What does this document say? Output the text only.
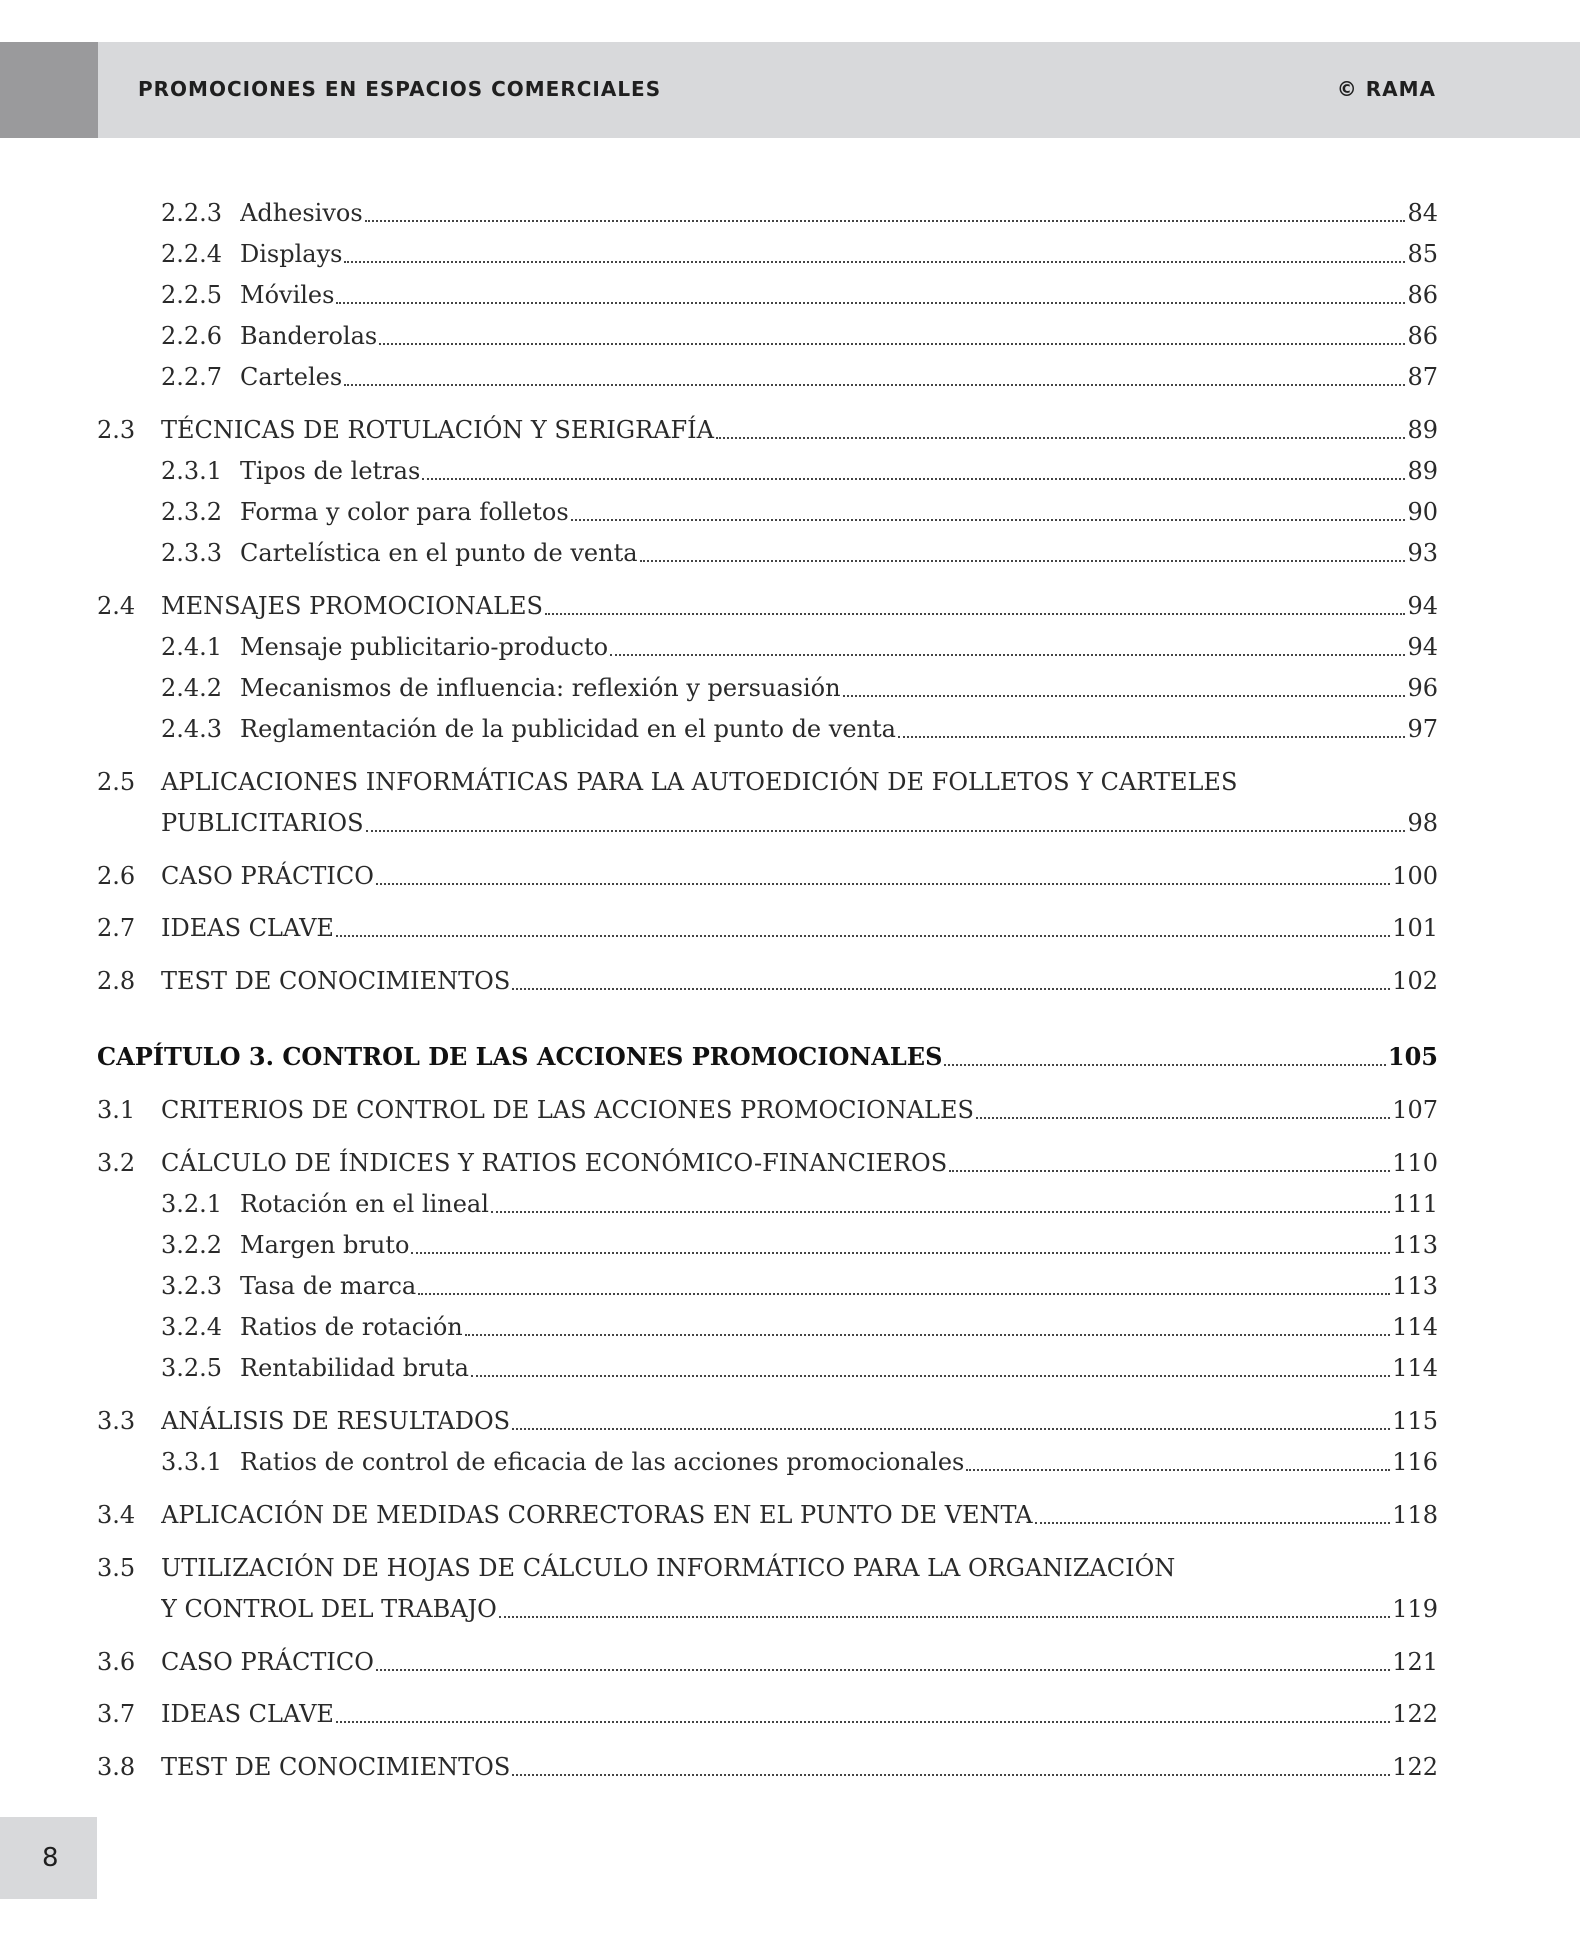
PROMOCIONES EN ESPACIOS COMERCIALES	© RAMA
2.2.3 Adhesivos	84
2.2.4 Displays	85
2.2.5 Móviles	86
2.2.6 Banderolas	86
2.2.7 Carteles	87
2.3	TÉCNICAS DE ROTULACIÓN Y SERIGRAFÍA	89
2.3.1 Tipos de letras	89
2.3.2 Forma y color para folletos	90
2.3.3 Cartelística en el punto de venta	93
2.4	MENSAJES PROMOCIONALES	94
2.4.1 Mensaje publicitario-producto	94
2.4.2 Mecanismos de influencia: reflexión y persuasión	96
2.4.3 Reglamentación de la publicidad en el punto de venta	97
2.5	APLICACIONES INFORMÁTICAS PARA LA AUTOEDICIÓN DE FOLLETOS Y CARTELES
PUBLICITARIOS	98
2.6	CASO PRÁCTICO	100
2.7	IDEAS CLAVE	101
2.8	TEST DE CONOCIMIENTOS	102
CAPÍTULO 3. CONTROL DE LAS ACCIONES PROMOCIONALES	105
3.1	CRITERIOS DE CONTROL DE LAS ACCIONES PROMOCIONALES	107
3.2	CÁLCULO DE ÍNDICES Y RATIOS ECONÓMICO-FINANCIEROS	110
3.2.1 Rotación en el lineal	111
3.2.2 Margen bruto	113
3.2.3 Tasa de marca	113
3.2.4 Ratios de rotación	114
3.2.5 Rentabilidad bruta	114
3.3	ANÁLISIS DE RESULTADOS	115
3.3.1 Ratios de control de eficacia de las acciones promocionales	116
3.4	APLICACIÓN DE MEDIDAS CORRECTORAS EN EL PUNTO DE VENTA	118
3.5	UTILIZACIÓN DE HOJAS DE CÁLCULO INFORMÁTICO PARA LA ORGANIZACIÓN
Y CONTROL DEL TRABAJO	119
3.6	CASO PRÁCTICO	121
3.7	IDEAS CLAVE	122
3.8	TEST DE CONOCIMIENTOS	122
8
